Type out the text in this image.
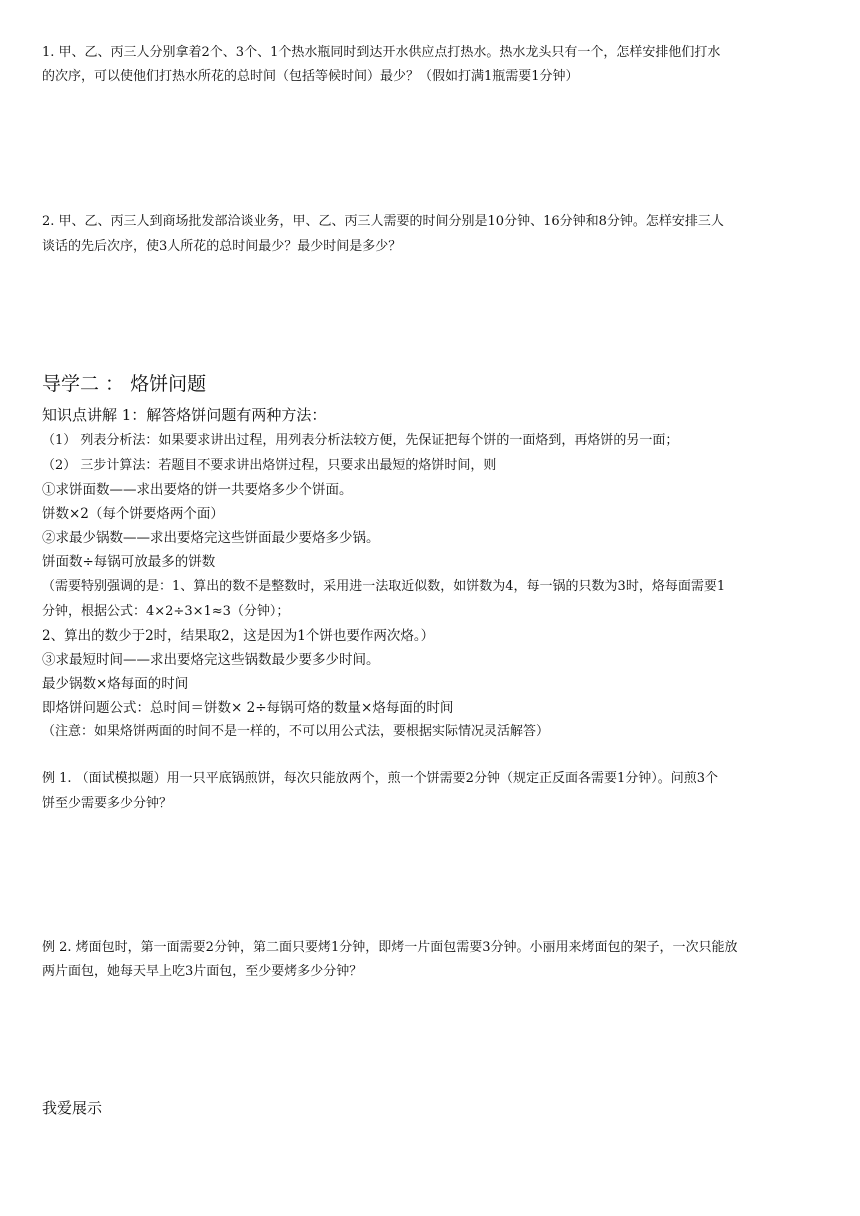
1. 甲、乙、丙三人分别拿着2个、3个、1个热水瓶同时到达开水供应点打热水。热水龙头只有一个，怎样安排他们打水
的次序，可以使他们打热水所花的总时间（包括等候时间）最少？（假如打满1瓶需要1分钟）
2. 甲、乙、丙三人到商场批发部洽谈业务，甲、乙、丙三人需要的时间分别是10分钟、16分钟和8分钟。怎样安排三人
谈话的先后次序，使3人所花的总时间最少？最少时间是多少？
导学二 ： 烙饼问题
知识点讲解 1：解答烙饼问题有两种方法：
（1） 列表分析法：如果要求讲出过程，用列表分析法较方便，先保证把每个饼的一面烙到，再烙饼的另一面；
（2） 三步计算法：若题目不要求讲出烙饼过程，只要求出最短的烙饼时间，则
①求饼面数——求出要烙的饼一共要烙多少个饼面。
饼数×2（每个饼要烙两个面）
②求最少锅数——求出要烙完这些饼面最少要烙多少锅。
饼面数÷每锅可放最多的饼数
（需要特别强调的是：1、算出的数不是整数时，采用进一法取近似数，如饼数为4，每一锅的只数为3时，烙每面需要1
分钟，根据公式：4×2÷3×1≈3（分钟）；
2、算出的数少于2时，结果取2，这是因为1个饼也要作两次烙。）
③求最短时间——求出要烙完这些锅数最少要多少时间。
最少锅数×烙每面的时间
即烙饼问题公式：总时间＝饼数× 2÷每锅可烙的数量×烙每面的时间
（注意：如果烙饼两面的时间不是一样的，不可以用公式法，要根据实际情况灵活解答）
例 1. （面试模拟题）用一只平底锅煎饼，每次只能放两个，煎一个饼需要2分钟（规定正反面各需要1分钟）。问煎3个
饼至少需要多少分钟？
例 2. 烤面包时，第一面需要2分钟，第二面只要烤1分钟，即烤一片面包需要3分钟。小丽用来烤面包的架子，一次只能放
两片面包，她每天早上吃3片面包，至少要烤多少分钟？
我爱展示
